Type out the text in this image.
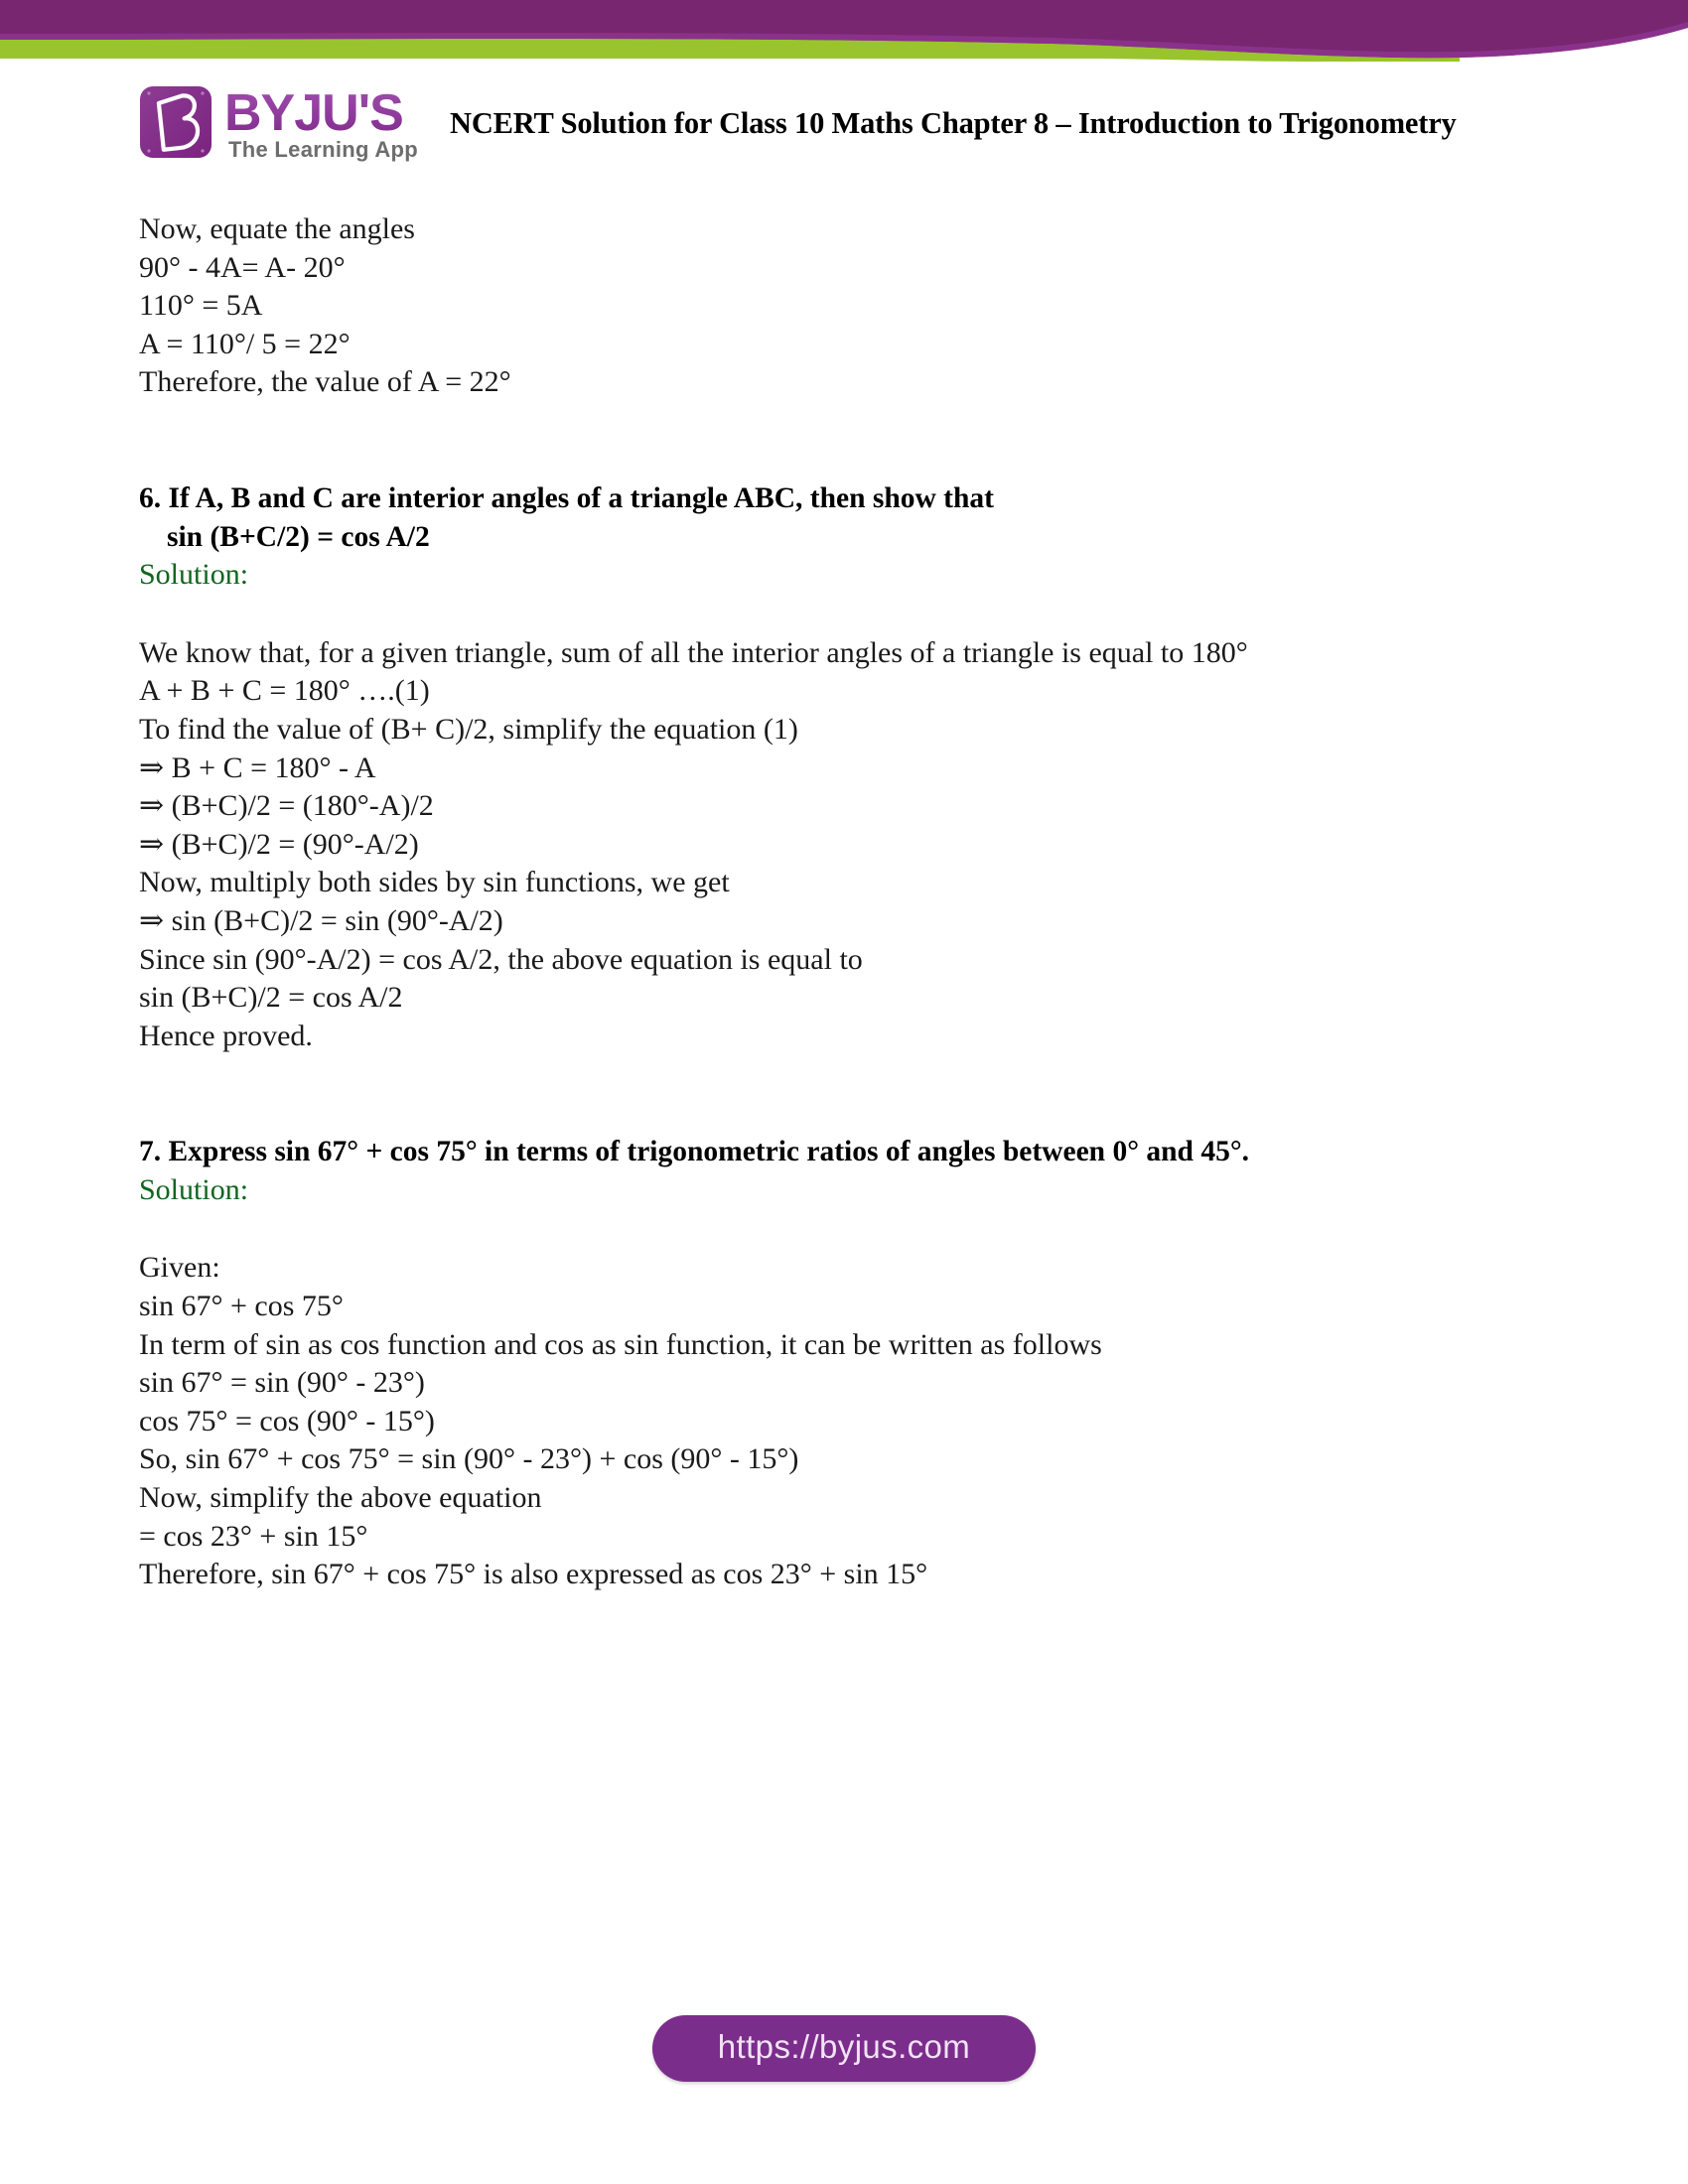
BYJU'S
The Learning App
NCERT Solution for Class 10 Maths Chapter 8 – Introduction to Trigonometry
Now, equate the angles
90° - 4A= A- 20°
110° = 5A
A = 110°/ 5 = 22°
Therefore, the value of A = 22°
6. If A, B and C are interior angles of a triangle ABC, then show that
sin (B+C/2) = cos A/2
Solution:
We know that, for a given triangle, sum of all the interior angles of a triangle is equal to 180°
A + B + C = 180° ….(1)
To find the value of (B+ C)/2, simplify the equation (1)
⇒ B + C = 180° - A
⇒ (B+C)/2 = (180°-A)/2
⇒ (B+C)/2 = (90°-A/2)
Now, multiply both sides by sin functions, we get
⇒ sin (B+C)/2 = sin (90°-A/2)
Since sin (90°-A/2) = cos A/2, the above equation is equal to
sin (B+C)/2 = cos A/2
Hence proved.
7. Express sin 67° + cos 75° in terms of trigonometric ratios of angles between 0° and 45°.
Solution:
Given:
sin 67° + cos 75°
In term of sin as cos function and cos as sin function, it can be written as follows
sin 67° = sin (90° - 23°)
cos 75° = cos (90° - 15°)
So, sin 67° + cos 75° = sin (90° - 23°) + cos (90° - 15°)
Now, simplify the above equation
= cos 23° + sin 15°
Therefore, sin 67° + cos 75° is also expressed as cos 23° + sin 15°
https://byjus.com
